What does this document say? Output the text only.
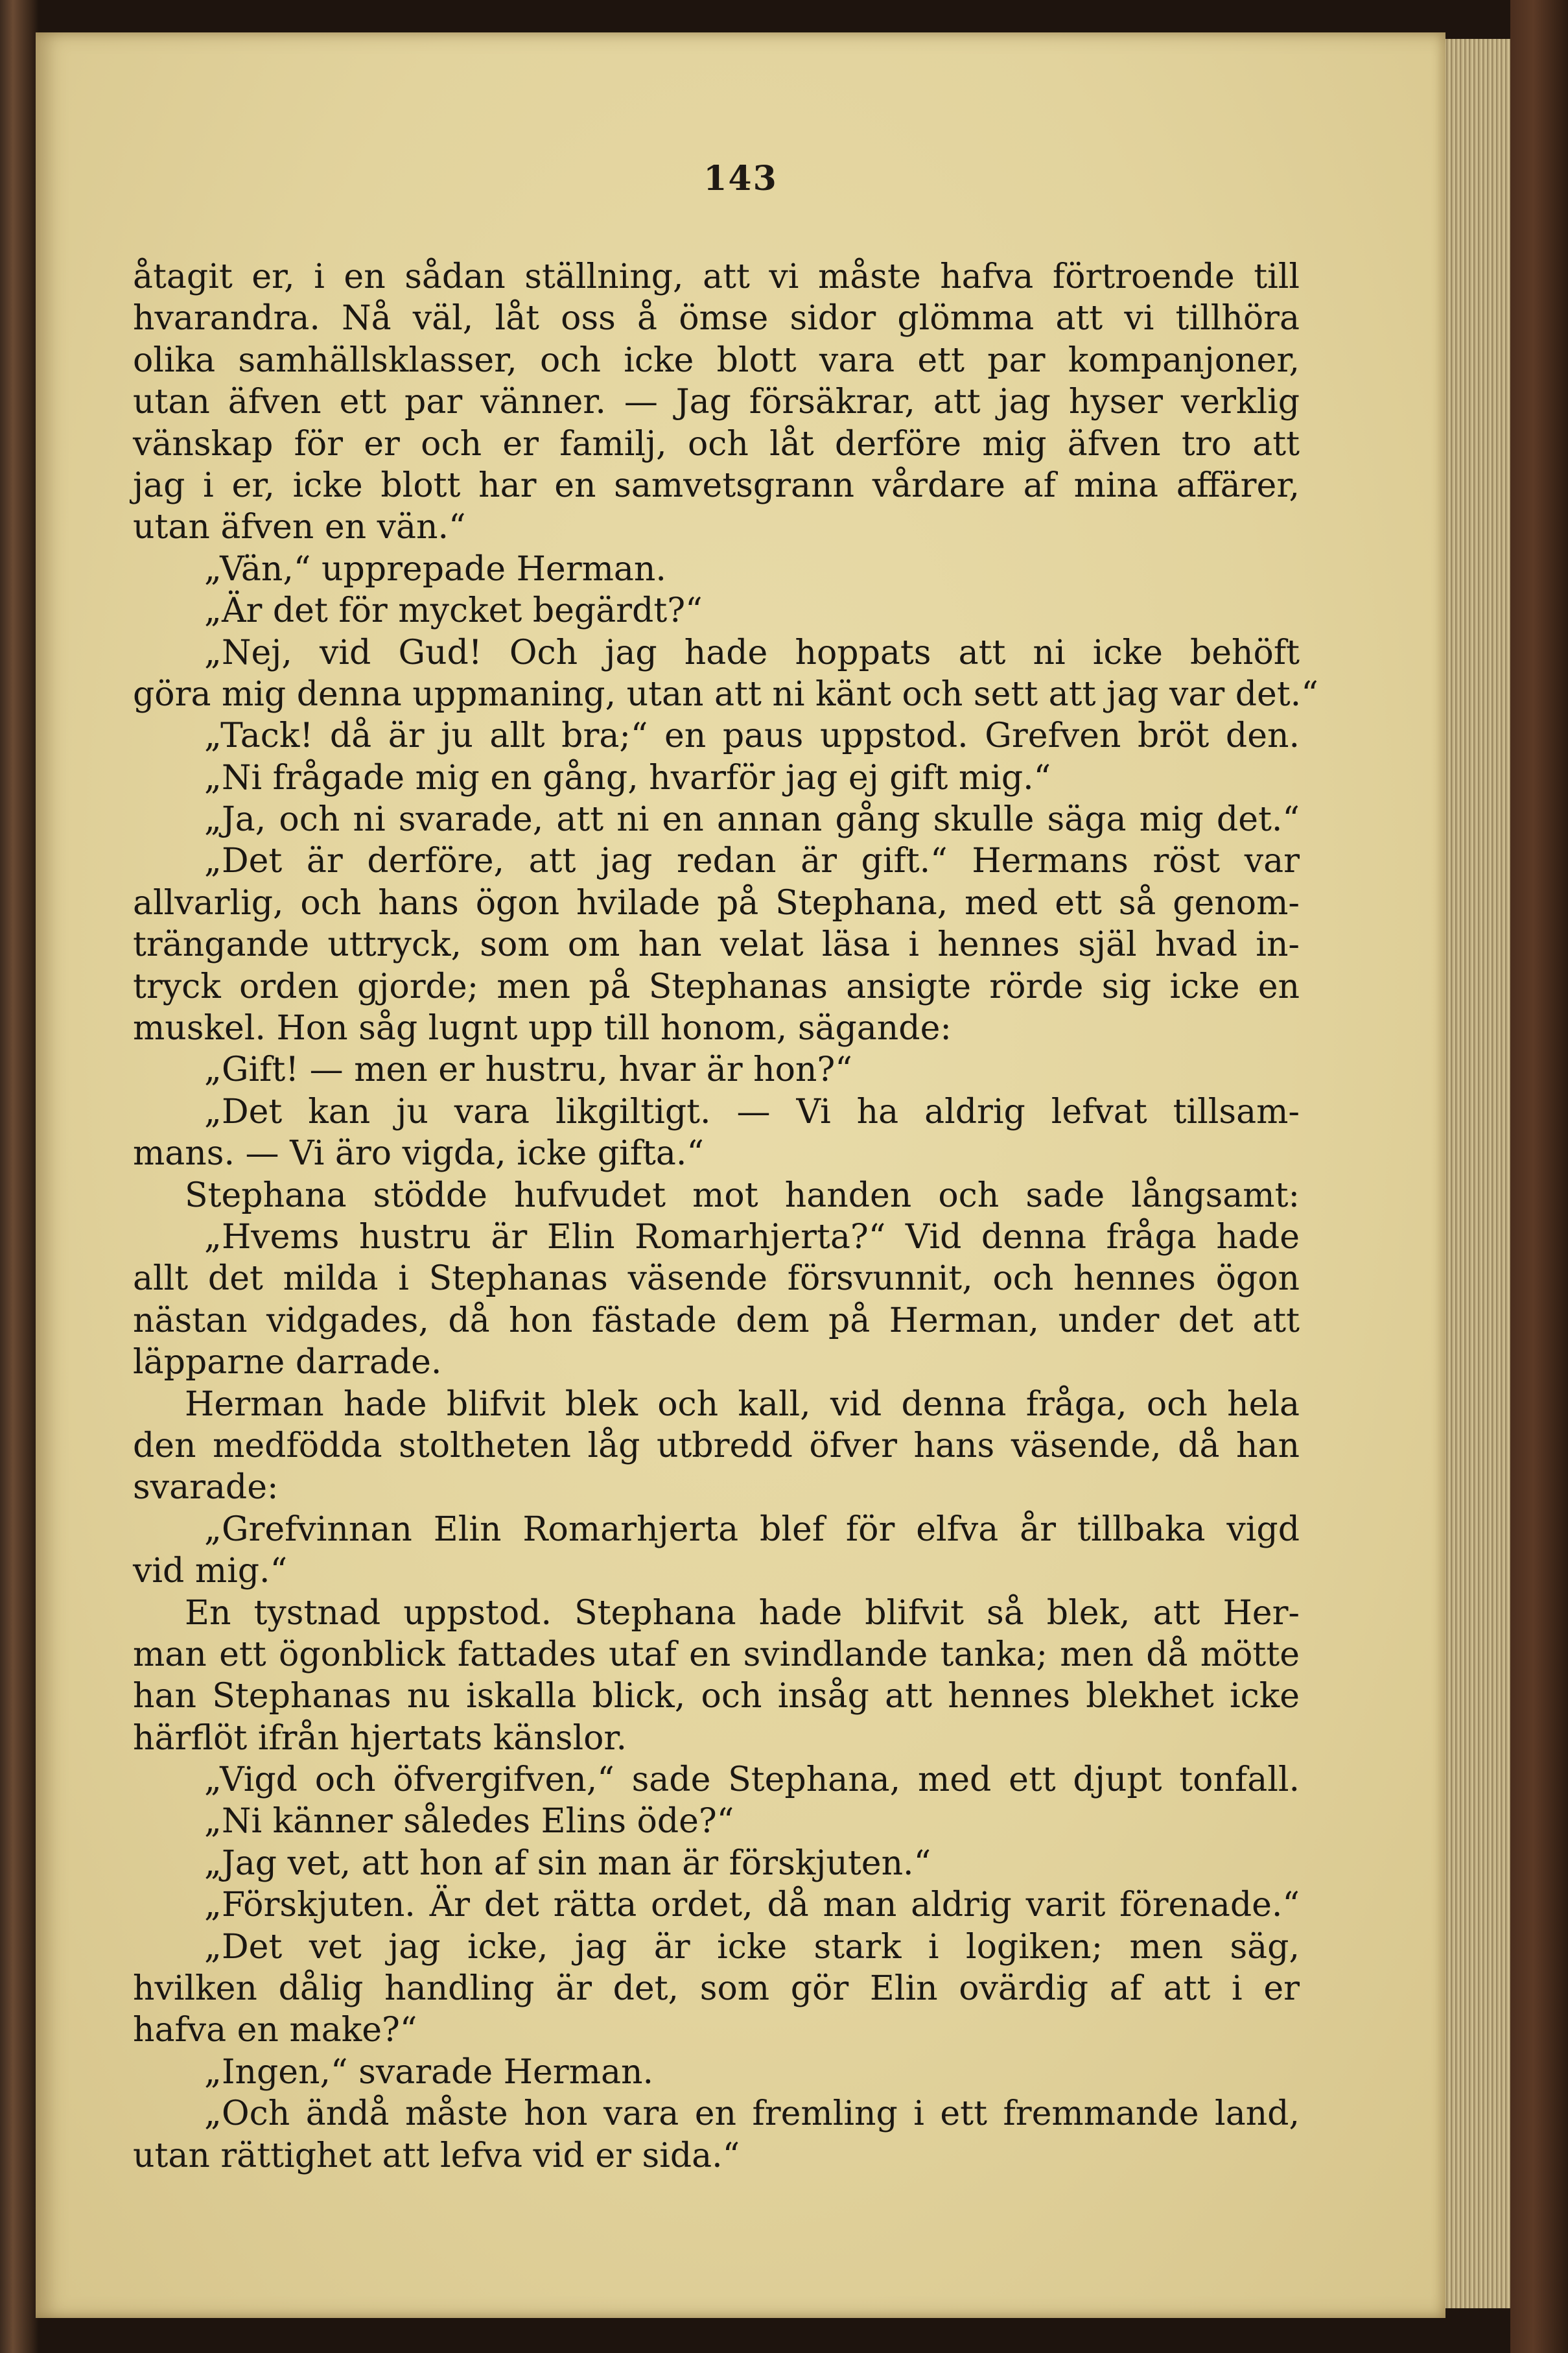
143
åtagit er, i en sådan ställning, att vi måste hafva förtroende till
hvarandra. Nå väl, låt oss å ömse sidor glömma att vi tillhöra
olika samhällsklasser, och icke blott vara ett par kompanjoner,
utan äfven ett par vänner. — Jag försäkrar, att jag hyser verklig
vänskap för er och er familj, och låt derföre mig äfven tro att
jag i er, icke blott har en samvetsgrann vårdare af mina affärer,
utan äfven en vän.“
„Vän,“ upprepade Herman.
„Är det för mycket begärdt?“
„Nej, vid Gud! Och jag hade hoppats att ni icke behöft
göra mig denna uppmaning, utan att ni känt och sett att jag var det.“
„Tack! då är ju allt bra;“ en paus uppstod. Grefven bröt den.
„Ni frågade mig en gång, hvarför jag ej gift mig.“
„Ja, och ni svarade, att ni en annan gång skulle säga mig det.“
„Det är derföre, att jag redan är gift.“ Hermans röst var
allvarlig, och hans ögon hvilade på Stephana, med ett så genom-
trängande uttryck, som om han velat läsa i hennes själ hvad in-
tryck orden gjorde; men på Stephanas ansigte rörde sig icke en
muskel. Hon såg lugnt upp till honom, sägande:
„Gift! — men er hustru, hvar är hon?“
„Det kan ju vara likgiltigt. — Vi ha aldrig lefvat tillsam-
mans. — Vi äro vigda, icke gifta.“
Stephana stödde hufvudet mot handen och sade långsamt:
„Hvems hustru är Elin Romarhjerta?“ Vid denna fråga hade
allt det milda i Stephanas väsende försvunnit, och hennes ögon
nästan vidgades, då hon fästade dem på Herman, under det att
läpparne darrade.
Herman hade blifvit blek och kall, vid denna fråga, och hela
den medfödda stoltheten låg utbredd öfver hans väsende, då han
svarade:
„Grefvinnan Elin Romarhjerta blef för elfva år tillbaka vigd
vid mig.“
En tystnad uppstod. Stephana hade blifvit så blek, att Her-
man ett ögonblick fattades utaf en svindlande tanka; men då mötte
han Stephanas nu iskalla blick, och insåg att hennes blekhet icke
härflöt ifrån hjertats känslor.
„Vigd och öfvergifven,“ sade Stephana, med ett djupt tonfall.
„Ni känner således Elins öde?“
„Jag vet, att hon af sin man är förskjuten.“
„Förskjuten. Är det rätta ordet, då man aldrig varit förenade.“
„Det vet jag icke, jag är icke stark i logiken; men säg,
hvilken dålig handling är det, som gör Elin ovärdig af att i er
hafva en make?“
„Ingen,“ svarade Herman.
„Och ändå måste hon vara en fremling i ett fremmande land,
utan rättighet att lefva vid er sida.“
